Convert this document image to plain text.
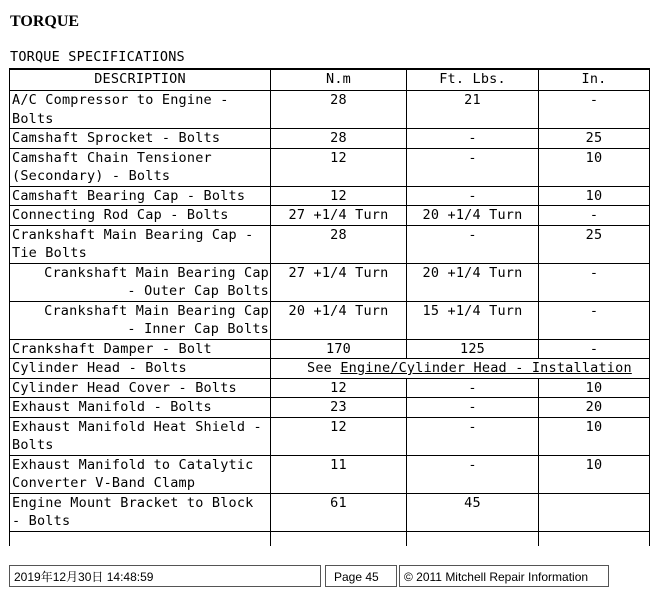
TORQUE
TORQUE SPECIFICATIONS
DESCRIPTION	N.m	Ft. Lbs.	In.
A/C Compressor to Engine - Bolts	28	21	-
Camshaft Sprocket - Bolts	28	-	25
Camshaft Chain Tensioner (Secondary) - Bolts	12	-	10
Camshaft Bearing Cap - Bolts	12	-	10
Connecting Rod Cap - Bolts	27 +1/4 Turn	20 +1/4 Turn	-
Crankshaft Main Bearing Cap - Tie Bolts	28	-	25

Crankshaft Main Bearing Cap - Outer Cap Bolts	27 +1/4 Turn	20 +1/4 Turn	-

Crankshaft Main Bearing Cap - Inner Cap Bolts	20 +1/4 Turn	15 +1/4 Turn	-
Crankshaft Damper - Bolt	170	125	-
Cylinder Head - Bolts	See Engine/Cylinder Head - Installation		
Cylinder Head Cover - Bolts	12	-	10
Exhaust Manifold - Bolts	23	-	20
Exhaust Manifold Heat Shield - Bolts	12	-	10
Exhaust Manifold to Catalytic Converter V-Band Clamp	11	-	10
Engine Mount Bracket to Block - Bolts	61	45	

2019年12月30日 14:48:59	Page 45	© 2011 Mitchell Repair Information
